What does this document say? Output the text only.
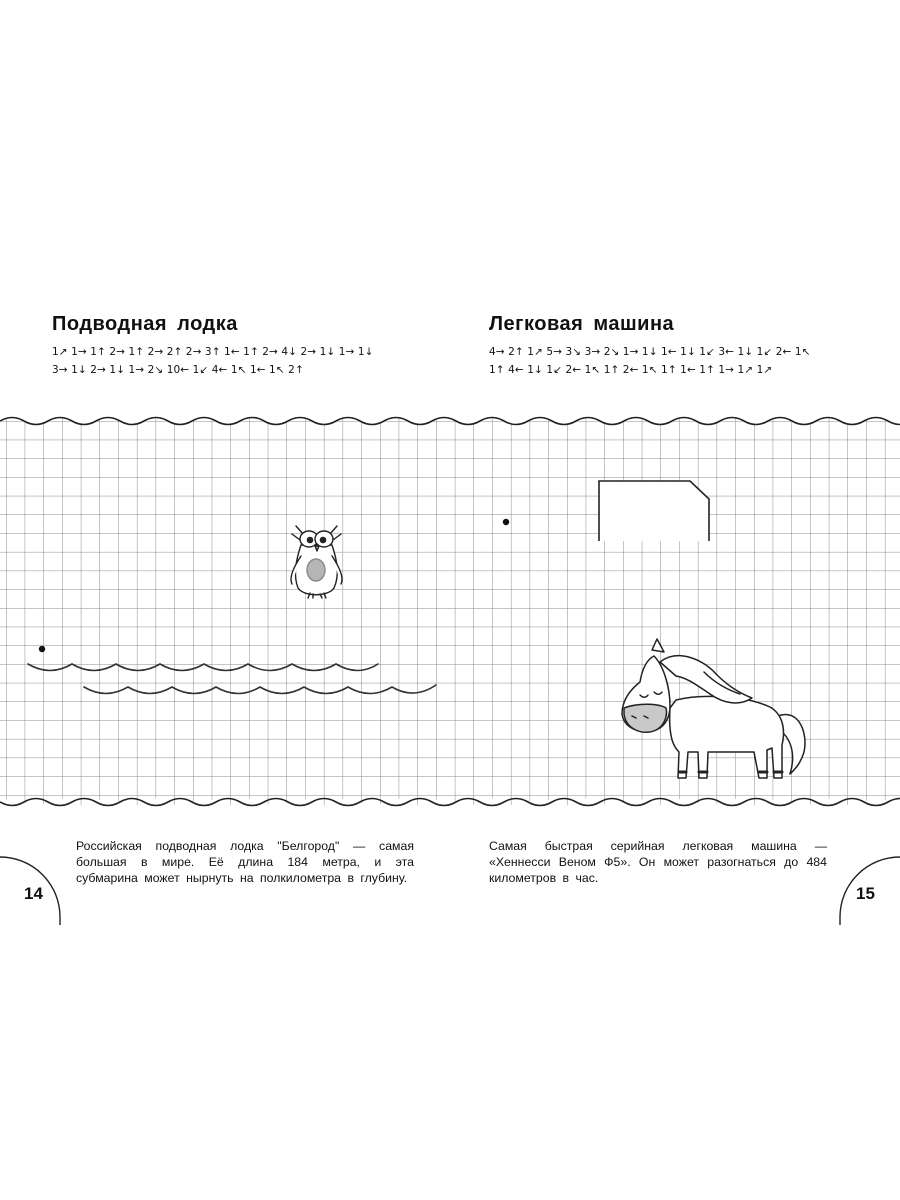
Подводная лодка	Легковая машина
1↗ 1→ 1↑ 2→ 1↑ 2→ 2↑ 2→ 3↑ 1← 1↑ 2→ 4↓ 2→ 1↓ 1→ 1↓
3→ 1↓ 2→ 1↓ 1→ 2↘ 10← 1↙ 4← 1↖ 1← 1↖ 2↑
4→ 2↑ 1↗ 5→ 3↘ 3→ 2↘ 1→ 1↓ 1← 1↓ 1↙ 3← 1↓ 1↙ 2← 1↖
1↑ 4← 1↓ 1↙ 2← 1↖ 1↑ 2← 1↖ 1↑ 1← 1↑ 1→ 1↗ 1↗
Российская подводная лодка "Белгород" — самая большая в мире. Её длина 184 метра, и эта субмарина может нырнуть на полкилометра в глубину.
Самая быстрая серийная легковая машина — «Хеннесси Веном Ф5». Он может разогнаться до 484 километров в час.
14	15
